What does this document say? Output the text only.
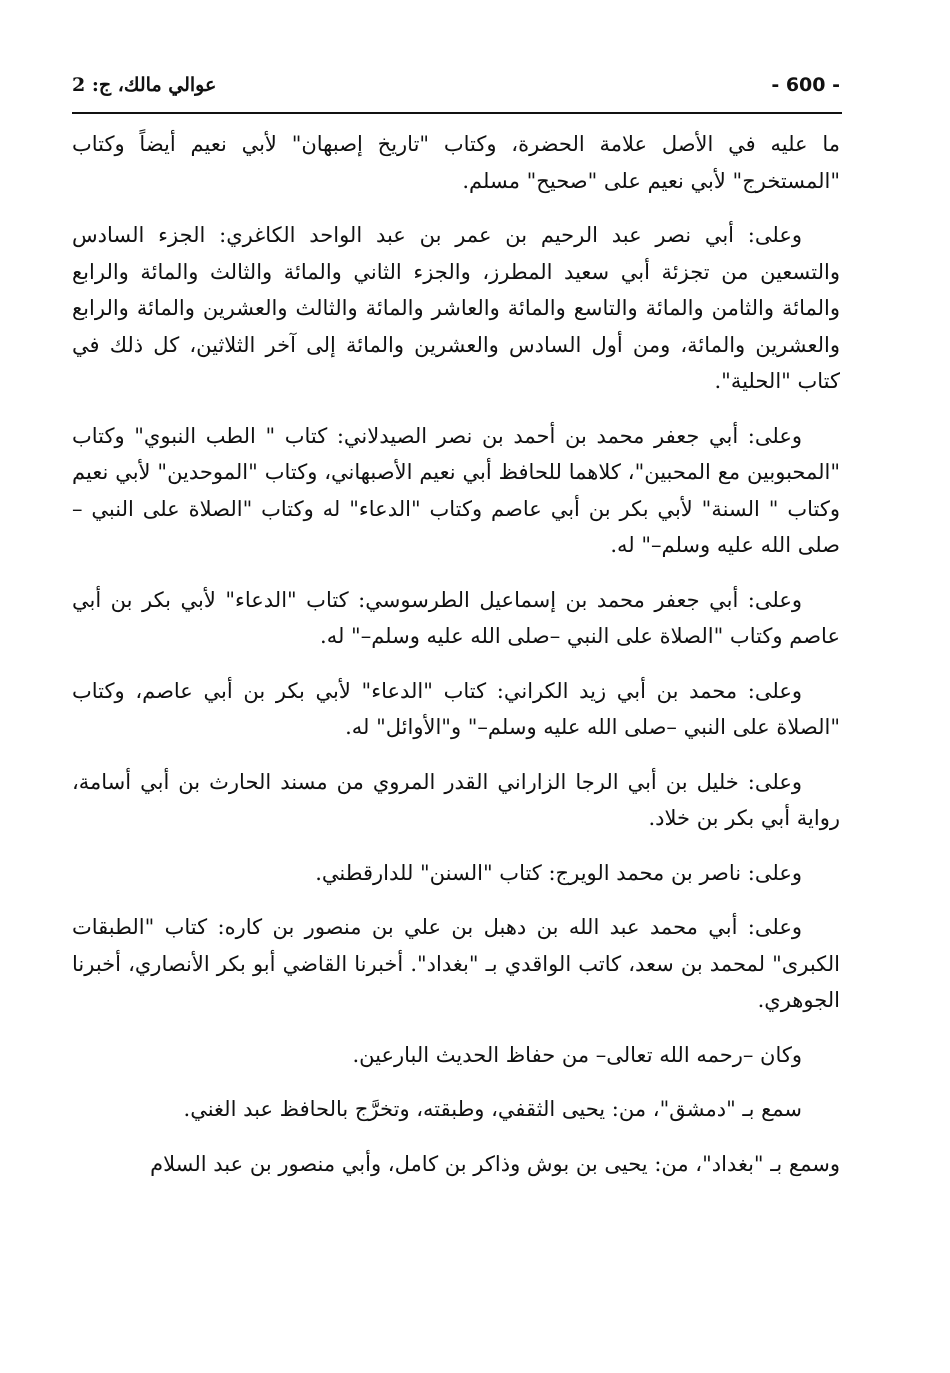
- 600 -
عوالي مالك، ج: 2

ما عليه في الأصل علامة الحضرة، وكتاب "تاريخ إصبهان" لأبي نعيم أيضاً وكتاب "المستخرج" لأبي نعيم على "صحيح" مسلم.

وعلى: أبي نصر عبد الرحيم بن عمر بن عبد الواحد الكاغري: الجزء السادس والتسعين من تجزئة أبي سعيد المطرز، والجزء الثاني والمائة والثالث والمائة والرابع والمائة والثامن والمائة والتاسع والمائة والعاشر والمائة والثالث والعشرين والمائة والرابع والعشرين والمائة، ومن أول السادس والعشرين والمائة إلى آخر الثلاثين، كل ذلك في كتاب "الحلية".

وعلى: أبي جعفر محمد بن أحمد بن نصر الصيدلاني: كتاب " الطب النبوي" وكتاب "المحبوبين مع المحبين"، كلاهما للحافظ أبي نعيم الأصبهاني، وكتاب "الموحدين" لأبي نعيم وكتاب " السنة" لأبي بكر بن أبي عاصم وكتاب "الدعاء" له وكتاب "الصلاة على النبي –صلى الله عليه وسلم–" له.

وعلى: أبي جعفر محمد بن إسماعيل الطرسوسي: كتاب "الدعاء" لأبي بكر بن أبي عاصم وكتاب "الصلاة على النبي –صلى الله عليه وسلم–" له.

وعلى: محمد بن أبي زيد الكراني: كتاب "الدعاء" لأبي بكر بن أبي عاصم، وكتاب "الصلاة على النبي –صلى الله عليه وسلم–" و"الأوائل" له.

وعلى: خليل بن أبي الرجا الزاراني القدر المروي من مسند الحارث بن أبي أسامة، رواية أبي بكر بن خلاد.

وعلى: ناصر بن محمد الويرج: كتاب "السنن" للدارقطني.

وعلى: أبي محمد عبد الله بن دهبل بن علي بن منصور بن كاره: كتاب "الطبقات الكبرى" لمحمد بن سعد، كاتب الواقدي بـ "بغداد". أخبرنا القاضي أبو بكر الأنصاري، أخبرنا الجوهري.

وكان –رحمه الله تعالى– من حفاظ الحديث البارعين.

سمع بـ "دمشق"، من: يحيى الثقفي، وطبقته، وتخرَّج بالحافظ عبد الغني.

وسمع بـ "بغداد"، من: يحيى بن بوش وذاكر بن كامل، وأبي منصور بن عبد السلام
